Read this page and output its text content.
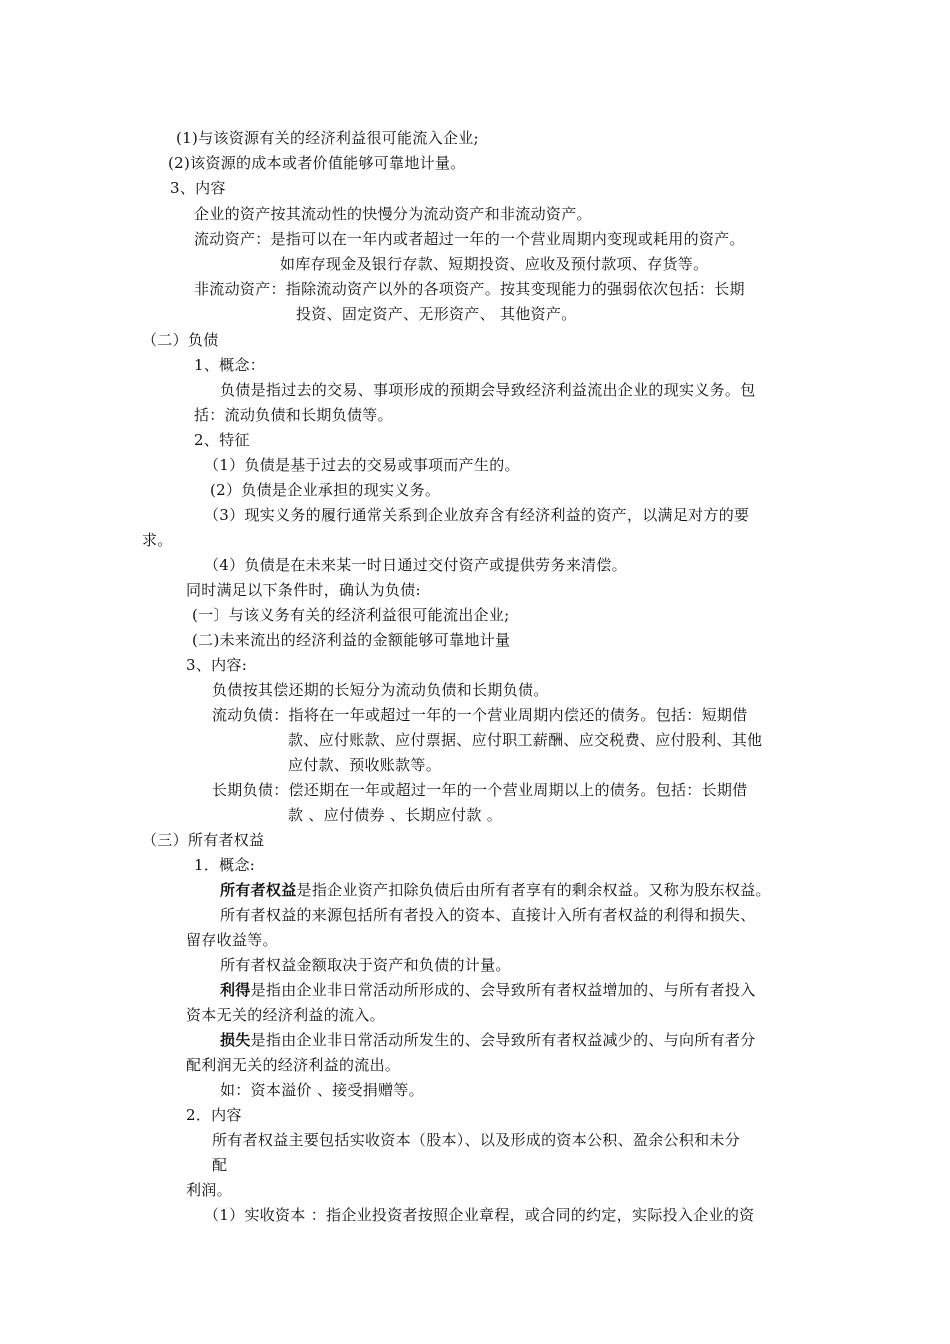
(1)与该资源有关的经济利益很可能流入企业;
(2)该资源的成本或者价值能够可靠地计量。
3、内容
企业的资产按其流动性的快慢分为流动资产和非流动资产。
流动资产：是指可以在一年内或者超过一年的一个营业周期内变现或耗用的资产。
如库存现金及银行存款、短期投资、应收及预付款项、存货等。
非流动资产：指除流动资产以外的各项资产。按其变现能力的强弱依次包括：长期
投资、固定资产、无形资产、 其他资产。
（二）负债
1、概念：
负债是指过去的交易、事项形成的预期会导致经济利益流出企业的现实义务。包
括：流动负债和长期负债等。
2、特征
（1）负债是基于过去的交易或事项而产生的。
(2）负债是企业承担的现实义务。
（3）现实义务的履行通常关系到企业放弃含有经济利益的资产，以满足对方的要
求。
（4）负债是在未来某一时日通过交付资产或提供劳务来清偿。
同时满足以下条件时，确认为负债:
(一〕与该义务有关的经济利益很可能流出企业;
(二)未来流出的经济利益的金额能够可靠地计量
3、内容:
负债按其偿还期的长短分为流动负债和长期负债。
流动负债：指将在一年或超过一年的一个营业周期内偿还的债务。包括：短期借
款、应付账款、应付票据、应付职工薪酬、应交税费、应付股利、其他
应付款、预收账款等。
长期负债：偿还期在一年或超过一年的一个营业周期以上的债务。包括：长期借
款 、应付债券 、长期应付款 。
（三）所有者权益
1．概念:
所有者权益是指企业资产扣除负债后由所有者享有的剩余权益。又称为股东权益。
所有者权益的来源包括所有者投入的资本、直接计入所有者权益的利得和损失、
留存收益等。
所有者权益金额取决于资产和负债的计量。
利得是指由企业非日常活动所形成的、会导致所有者权益增加的、与所有者投入
资本无关的经济利益的流入。
损失是指由企业非日常活动所发生的、会导致所有者权益减少的、与向所有者分
配利润无关的经济利益的流出。
如：资本溢价 、接受捐赠等。
2．内容
所有者权益主要包括实收资本（股本）、以及形成的资本公积、盈余公积和未分
配
利润。
（1）实收资本 ：指企业投资者按照企业章程，或合同的约定，实际投入企业的资
